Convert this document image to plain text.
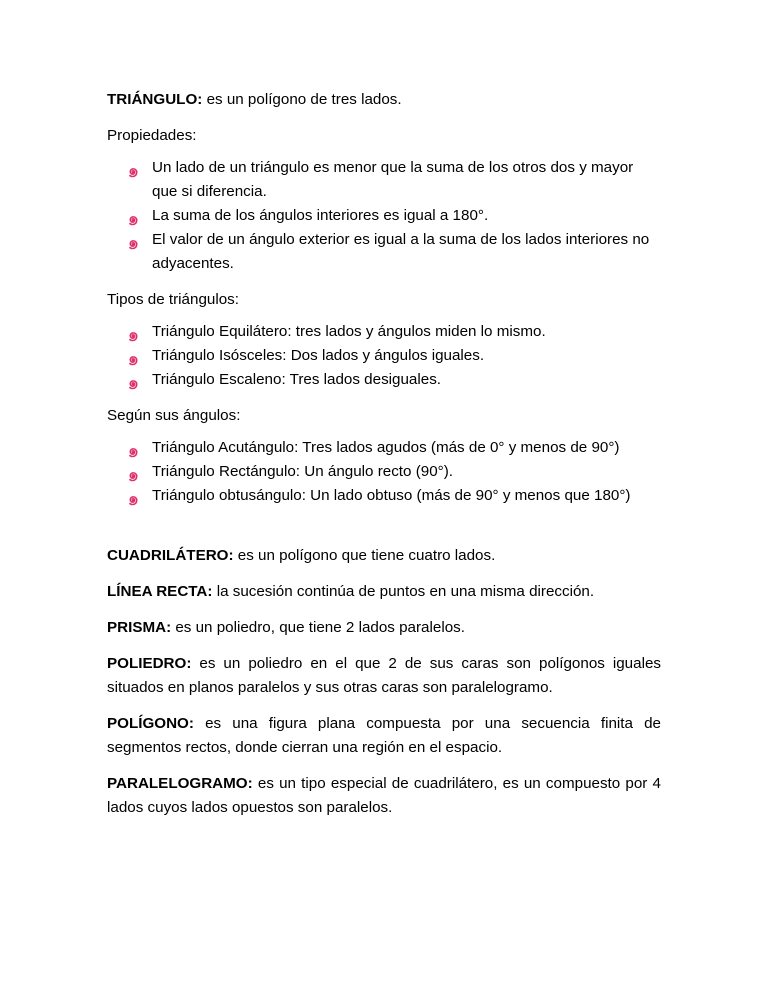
TRIÁNGULO: es un polígono de tres lados.

Propiedades:

Un lado de un triángulo es menor que la suma de los otros dos y mayor que si diferencia.
La suma de los ángulos interiores es igual a 180°.
El valor de un ángulo exterior es igual a la suma de los lados interiores no adyacentes.

Tipos de triángulos:

Triángulo Equilátero: tres lados y ángulos miden lo mismo.
Triángulo Isósceles: Dos lados y ángulos iguales.
Triángulo Escaleno: Tres lados desiguales.

Según sus ángulos:

Triángulo Acutángulo: Tres lados agudos (más de 0° y menos de 90°)
Triángulo Rectángulo: Un ángulo recto (90°).
Triángulo obtusángulo: Un lado obtuso (más de 90° y menos que 180°)

CUADRILÁTERO: es un polígono que tiene cuatro lados.

LÍNEA RECTA: la sucesión continúa de puntos en una misma dirección.

PRISMA: es un poliedro, que tiene 2 lados paralelos.

POLIEDRO: es un poliedro en el que 2 de sus caras son polígonos iguales situados en planos paralelos y sus otras caras son paralelogramo.

POLÍGONO: es una figura plana compuesta por una secuencia finita de segmentos rectos, donde cierran una región en el espacio.

PARALELOGRAMO: es un tipo especial de cuadrilátero, es un compuesto por 4 lados cuyos lados opuestos son paralelos.
